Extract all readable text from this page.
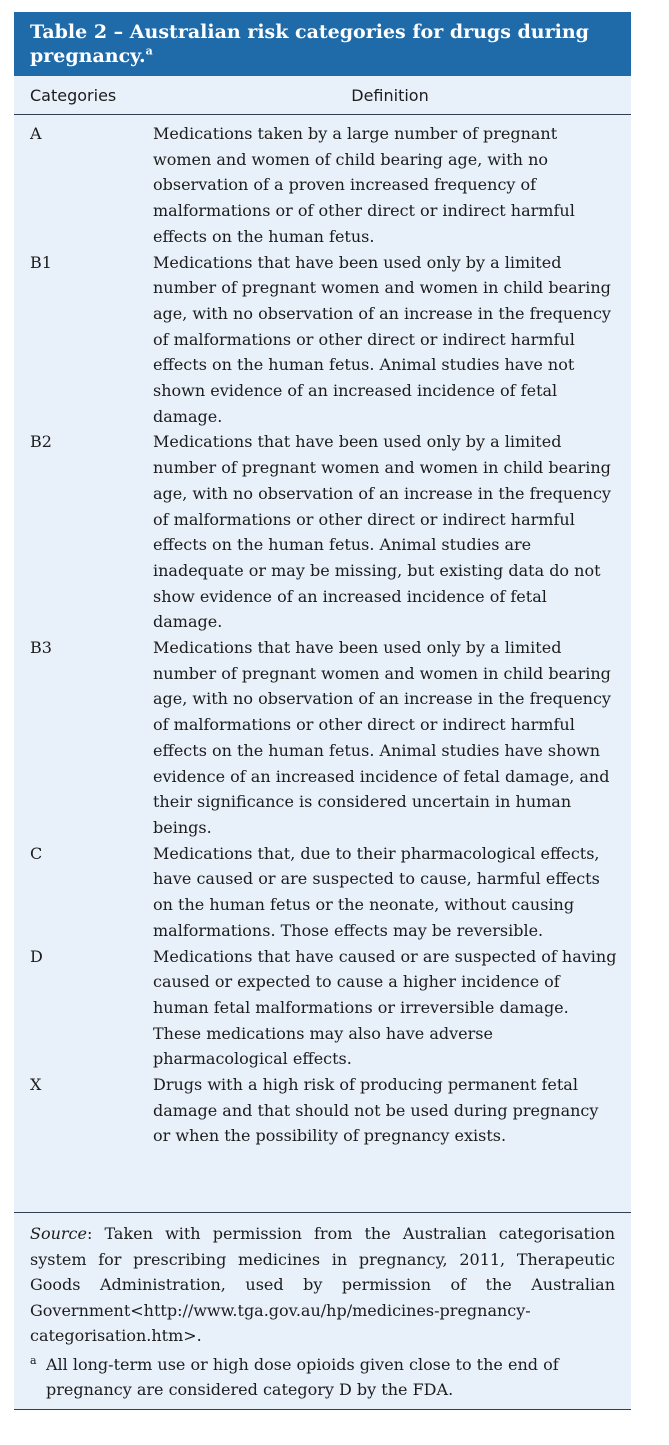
Table 2 – Australian risk categories for drugs during pregnancy.$^a$
Categories	Definition
A	Medications taken by a large number of pregnant women and women of child bearing age, with no observation of a proven increased frequency of malformations or of other direct or indirect harmful effects on the human fetus.
B1	Medications that have been used only by a limited number of pregnant women and women in child bearing age, with no observation of an increase in the frequency of malformations or other direct or indirect harmful effects on the human fetus. Animal studies have not shown evidence of an increased incidence of fetal damage.
B2	Medications that have been used only by a limited number of pregnant women and women in child bearing age, with no observation of an increase in the frequency of malformations or other direct or indirect harmful effects on the human fetus. Animal studies are inadequate or may be missing, but existing data do not show evidence of an increased incidence of fetal damage.
B3	Medications that have been used only by a limited number of pregnant women and women in child bearing age, with no observation of an increase in the frequency of malformations or other direct or indirect harmful effects on the human fetus. Animal studies have shown evidence of an increased incidence of fetal damage, and their significance is considered uncertain in human beings.
C	Medications that, due to their pharmacological effects, have caused or are suspected to cause, harmful effects on the human fetus or the neonate, without causing malformations. Those effects may be reversible.
D	Medications that have caused or are suspected of having caused or expected to cause a higher incidence of human fetal malformations or irreversible damage. These medications may also have adverse pharmacological effects.
X	Drugs with a high risk of producing permanent fetal damage and that should not be used during pregnancy or when the possibility of pregnancy exists.
Source: Taken with permission from the Australian categorisation system for prescribing medicines in pregnancy, 2011, Therapeutic Goods Administration, used by permission of the Australian Government<http://www.tga.gov.au/hp/medicines-pregnancy-categorisation.htm>.
a All long-term use or high dose opioids given close to the end of pregnancy are considered category D by the FDA.
